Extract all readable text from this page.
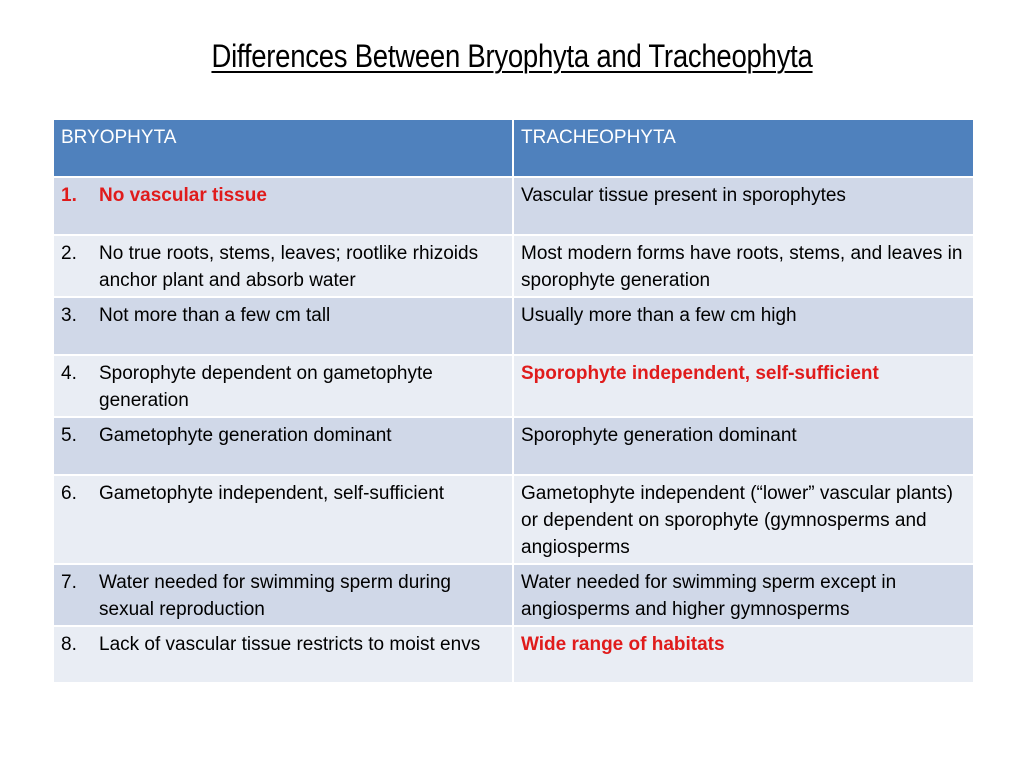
Differences Between Bryophyta and Tracheophyta
BRYOPHYTA	TRACHEOPHYTA

1. No vascular tissue	Vascular tissue present in sporophytes

2. No true roots, stems, leaves; rootlike rhizoids anchor plant and absorb water	Most modern forms have roots, stems, and leaves in sporophyte generation

3. Not more than a few cm tall	Usually more than a few cm high

4. Sporophyte dependent on gametophyte generation	Sporophyte independent, self-sufficient

5. Gametophyte generation dominant	Sporophyte generation dominant

6. Gametophyte independent, self-sufficient	Gametophyte independent (“lower” vascular plants) or dependent on sporophyte (gymnosperms and angiosperms

7. Water needed for swimming sperm during sexual reproduction	Water needed for swimming sperm except in angiosperms and higher gymnosperms

8. Lack of vascular tissue restricts to moist envs	Wide range of habitats
